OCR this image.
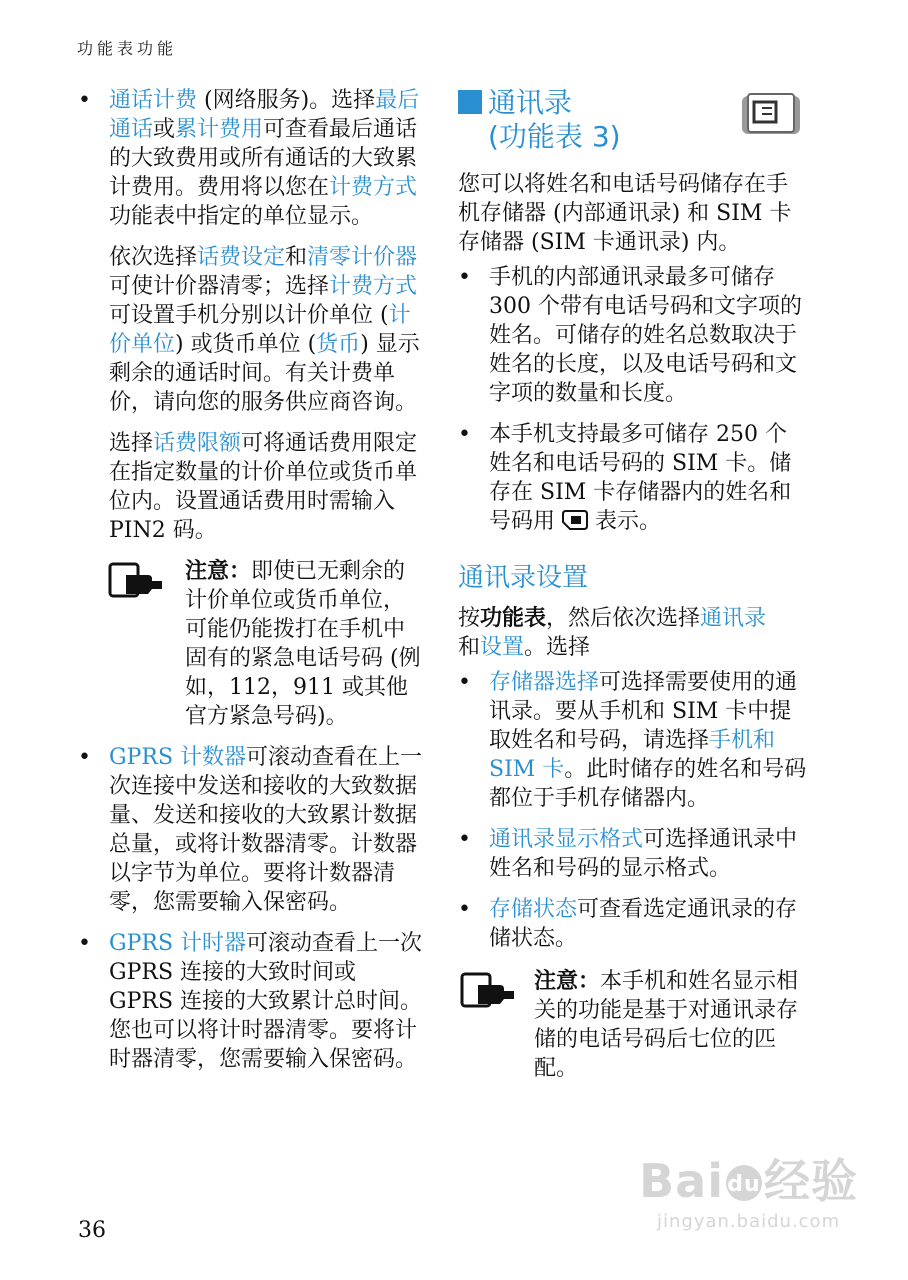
功能表功能
• 通话计费 (网络服务)。选择最后通话或累计费用可查看最后通话的大致费用或所有通话的大致累计费用。费用将以您在计费方式功能表中指定的单位显示。
依次选择话费设定和清零计价器可使计价器清零；选择计费方式可设置手机分别以计价单位 (计价单位) 或货币单位 (货币) 显示剩余的通话时间。有关计费单价，请向您的服务供应商咨询。
选择话费限额可将通话费用限定在指定数量的计价单位或货币单位内。设置通话费用时需输入 PIN2 码。
注意：即使已无剩余的计价单位或货币单位，可能仍能拨打在手机中固有的紧急电话号码 (例如，112，911 或其他官方紧急号码)。
• GPRS 计数器可滚动查看在上一次连接中发送和接收的大致数据量、发送和接收的大致累计数据总量，或将计数器清零。计数器以字节为单位。要将计数器清零，您需要输入保密码。
• GPRS 计时器可滚动查看上一次 GPRS 连接的大致时间或 GPRS 连接的大致累计总时间。您也可以将计时器清零。要将计时器清零，您需要输入保密码。
通讯录
(功能表 3)
您可以将姓名和电话号码储存在手机存储器 (内部通讯录) 和 SIM 卡存储器 (SIM 卡通讯录) 内。
• 手机的内部通讯录最多可储存 300 个带有电话号码和文字项的姓名。可储存的姓名总数取决于姓名的长度，以及电话号码和文字项的数量和长度。
• 本手机支持最多可储存 250 个姓名和电话号码的 SIM 卡。储存在 SIM 卡存储器内的姓名和号码用  表示。
通讯录设置
按功能表，然后依次选择通讯录
和设置。选择
• 存储器选择可选择需要使用的通讯录。要从手机和 SIM 卡中提取姓名和号码，请选择手机和 SIM 卡。此时储存的姓名和号码都位于手机存储器内。
• 通讯录显示格式可选择通讯录中姓名和号码的显示格式。
• 存储状态可查看选定通讯录的存储状态。
注意：本手机和姓名显示相关的功能是基于对通讯录存储的电话号码后七位的匹配。
36
Bai du 经验
jingyan.baidu.com
